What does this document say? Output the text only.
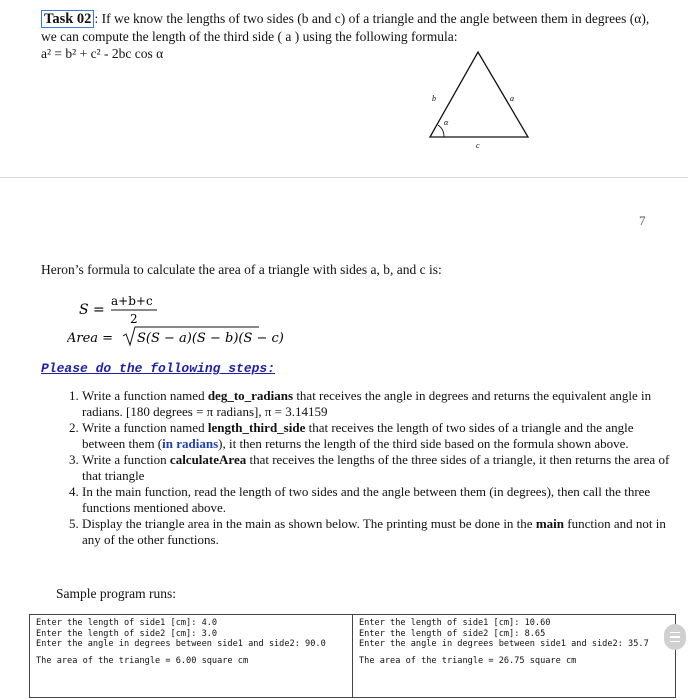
Task 02 : If we know the lengths of two sides (b and c) of a triangle and the angle between them in degrees (α), we can compute the length of the third side ( a ) using the following formula:
a² = b² + c² - 2bc cos α
b	a
α
c
7
Heron’s formula to calculate the area of a triangle with sides a, b, and c is:
S =
a+b+c
2
Area = S(S − a)(S − b)(S − c)
Please do the following steps:
1. Write a function named deg_to_radians that receives the angle in degrees and returns the equivalent angle in radians. [180 degrees = π radians], π = 3.14159
2. Write a function named length_third_side that receives the length of two sides of a triangle and the angle between them (in radians), it then returns the length of the third side based on the formula shown above.
3. Write a function calculateArea that receives the lengths of the three sides of a triangle, it then returns the area of that triangle
4. In the main function, read the length of two sides and the angle between them (in degrees), then call the three functions mentioned above.
5. Display the triangle area in the main as shown below. The printing must be done in the main function and not in any of the other functions.
Sample program runs:
Enter the length of side1 [cm]: 4.0
Enter the length of side2 [cm]: 3.0
Enter the angle in degrees between side1 and side2: 90.0
The area of the triangle = 6.00 square cm
Enter the length of side1 [cm]: 10.60
Enter the length of side2 [cm]: 8.65
Enter the angle in degrees between side1 and side2: 35.7
The area of the triangle = 26.75 square cm
